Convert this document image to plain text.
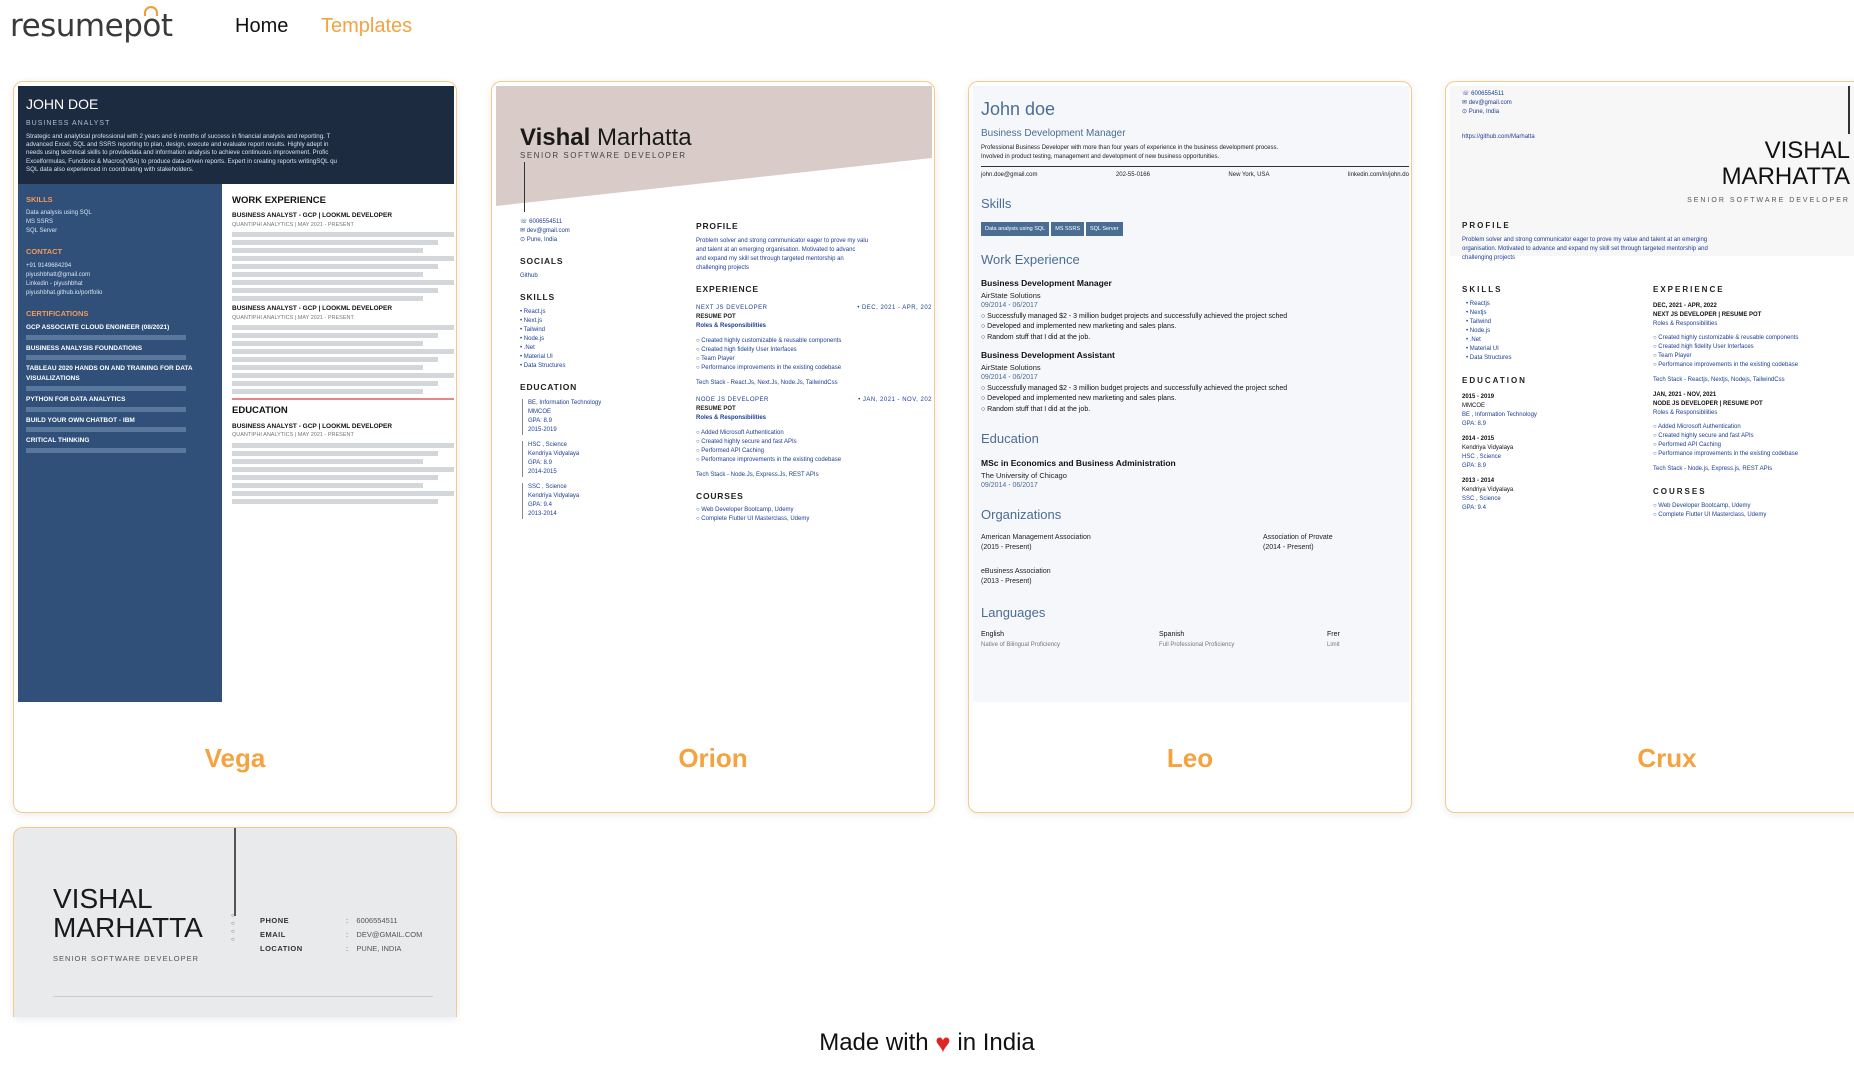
resumepot	Home Templates
JOHN DOE
BUSINESS ANALYST

Strategic and analytical professional with 2 years and 6 months of success in financial analysis and reporting. T

advanced Excel, SQL and SSRS reporting to plan, design, execute and evaluate report results. Highly adept in

needs using technical skills to providedata and information analysis to achieve continuous improvement. Profic

Excelformulas, Functions & Macros(VBA) to produce data-driven reports. Expert in creating reports writingSQL qu

SQL data also experienced in coordinating with stakeholders.

SKILLS

Data analysis using SQL

MS SSRS

SQL Server

CONTACT

+91 9149684294

piyushbhatt@gmail.com

Linkedin - piyushbhat

piyushbhat.github.io/portfolio

CERTIFICATIONS

GCP ASSOCIATE CLOUD ENGINEER (08/2021)

BUSINESS ANALYSIS FOUNDATIONS

TABLEAU 2020 HANDS ON AND TRAINING FOR DATA VISUALIZATIONS

PYTHON FOR DATA ANALYTICS

BUILD YOUR OWN CHATBOT - IBM

CRITICAL THINKING

WORK EXPERIENCE

BUSINESS ANALYST - GCP | LOOKML DEVELOPER

QUANTIPHI ANALYTICS | MAY 2021 - PRESENT

BUSINESS ANALYST - GCP | LOOKML DEVELOPER

QUANTIPHI ANALYTICS | MAY 2021 - PRESENT

EDUCATION

BUSINESS ANALYST - GCP | LOOKML DEVELOPER

QUANTIPHI ANALYTICS | MAY 2021 - PRESENT

Vega
Vishal Marhatta
SENIOR SOFTWARE DEVELOPER

☏ 6006554511

✉ dev@gmail.com

⊙ Pune, India

SOCIALS

Github

SKILLS

• React.js

• Next.js

• Tailwind

• Node.js

• .Net

• Material UI

• Data Structures

EDUCATION

BE, Information Technology

MMCOE

GPA: 8.9

2015-2019

HSC , Science

Kendriya Vidyalaya

GPA: 8.9

2014-2015

SSC , Science

Kendriya Vidyalaya

GPA: 9.4

2013-2014

PROFILE

Problem solver and strong communicator eager to prove my valu

and talent at an emerging organisation. Motivated to advanc

and expand my skill set through targeted mentorship an

challenging projects

EXPERIENCE
NEXT JS DEVELOPER	• DEC, 2021 - APR, 202

RESUME POT

Roles & Responsibilities

○ Created highly customizable & reusable components

○ Created high fidelity User Interfaces

○ Team Player

○ Performance improvements in the existing codebase

Tech Stack - React.Js, Next.Js, Node.Js, TailwindCss

NODE JS DEVELOPER	• JAN, 2021 - NOV, 202

RESUME POT

Roles & Responsibilities

○ Added Microsoft Authentication

○ Created highly secure and fast APIs

○ Performed API Caching

○ Performance improvements in the existing codebase

Tech Stack - Node.Js, Express.Js, REST APIs

COURSES

○ Web Developer Bootcamp, Udemy

○ Complete Flutter UI Masterclass, Udemy

Orion
John doe
Business Development Manager

Professional Business Developer with more than four years of experience in the business development process.

Involved in product testing, management and development of new business opportunities.

john.doe@gmail.com	202-55-0166	New York, USA	linkedin.com/in/john.do
Skills
Data analysis using SQL MS SSRS SQL Server
Work Experience

Business Development Manager

AirState Solutions

09/2014 - 06/2017

○ Successfully managed $2 - 3 million budget projects and successfully achieved the project sched

○ Developed and implemented new marketing and sales plans.

○ Random stuff that I did at the job.

Business Development Assistant

AirState Solutions

09/2014 - 06/2017

○ Successfully managed $2 - 3 million budget projects and successfully achieved the project sched

○ Developed and implemented new marketing and sales plans.

○ Random stuff that I did at the job.

Education

MSc in Economics and Business Administration

The University of Chicago

09/2014 - 06/2017

Organizations

American Management Association

(2015 - Present)

Association of Provate

(2014 - Present)

eBusiness Association

(2013 - Present)

Languages

English

Native of Bilingual Proficiency

Spanish

Full Professional Proficiency

Frer

Limit

Leo

☏ 6006554511

✉ dev@gmail.com

⊙ Pune, India

https://github.com/Marhatta	VISHAL
MARHATTA
SENIOR SOFTWARE DEVELOPER
PROFILE

Problem solver and strong communicator eager to prove my value and talent at an emerging

organisation. Motivated to advance and expand my skill set through targeted mentorship and

challenging projects

SKILLS

• Reactjs

• Nextjs

• Tailwind

• Node.js

• .Net

• Material UI

• Data Structures

EDUCATION

2015 - 2019

MMCOE

BE , Information Technology

GPA: 8.9

2014 - 2015

Kendriya Vidyalaya

HSC , Science

GPA: 8.9

2013 - 2014

Kendriya Vidyalaya

SSC , Science

GPA: 9.4

EXPERIENCE

DEC, 2021 - APR, 2022

NEXT JS DEVELOPER | RESUME POT

Roles & Responsibilities

○ Created highly customizable & reusable components

○ Created high fidelity User Interfaces

○ Team Player

○ Performance improvements in the existing codebase

Tech Stack - Reactjs, Nextjs, Nodejs, TailwindCss

JAN, 2021 - NOV, 2021

NODE JS DEVELOPER | RESUME POT

Roles & Responsibilities

○ Added Microsoft Authentication

○ Created highly secure and fast APIs

○ Performed API Caching

○ Performance improvements in the existing codebase

Tech Stack - Node.js, Express.js, REST APIs

COURSES

○ Web Developer Bootcamp, Udemy

○ Complete Flutter UI Masterclass, Udemy

Crux
VISHAL
MARHATTA
SENIOR SOFTWARE DEVELOPER
○
○
○
○
PHONE	:    6006554511
EMAIL	:    DEV@GMAIL.COM
LOCATION	:    PUNE, INDIA
Made with ♥ in India
